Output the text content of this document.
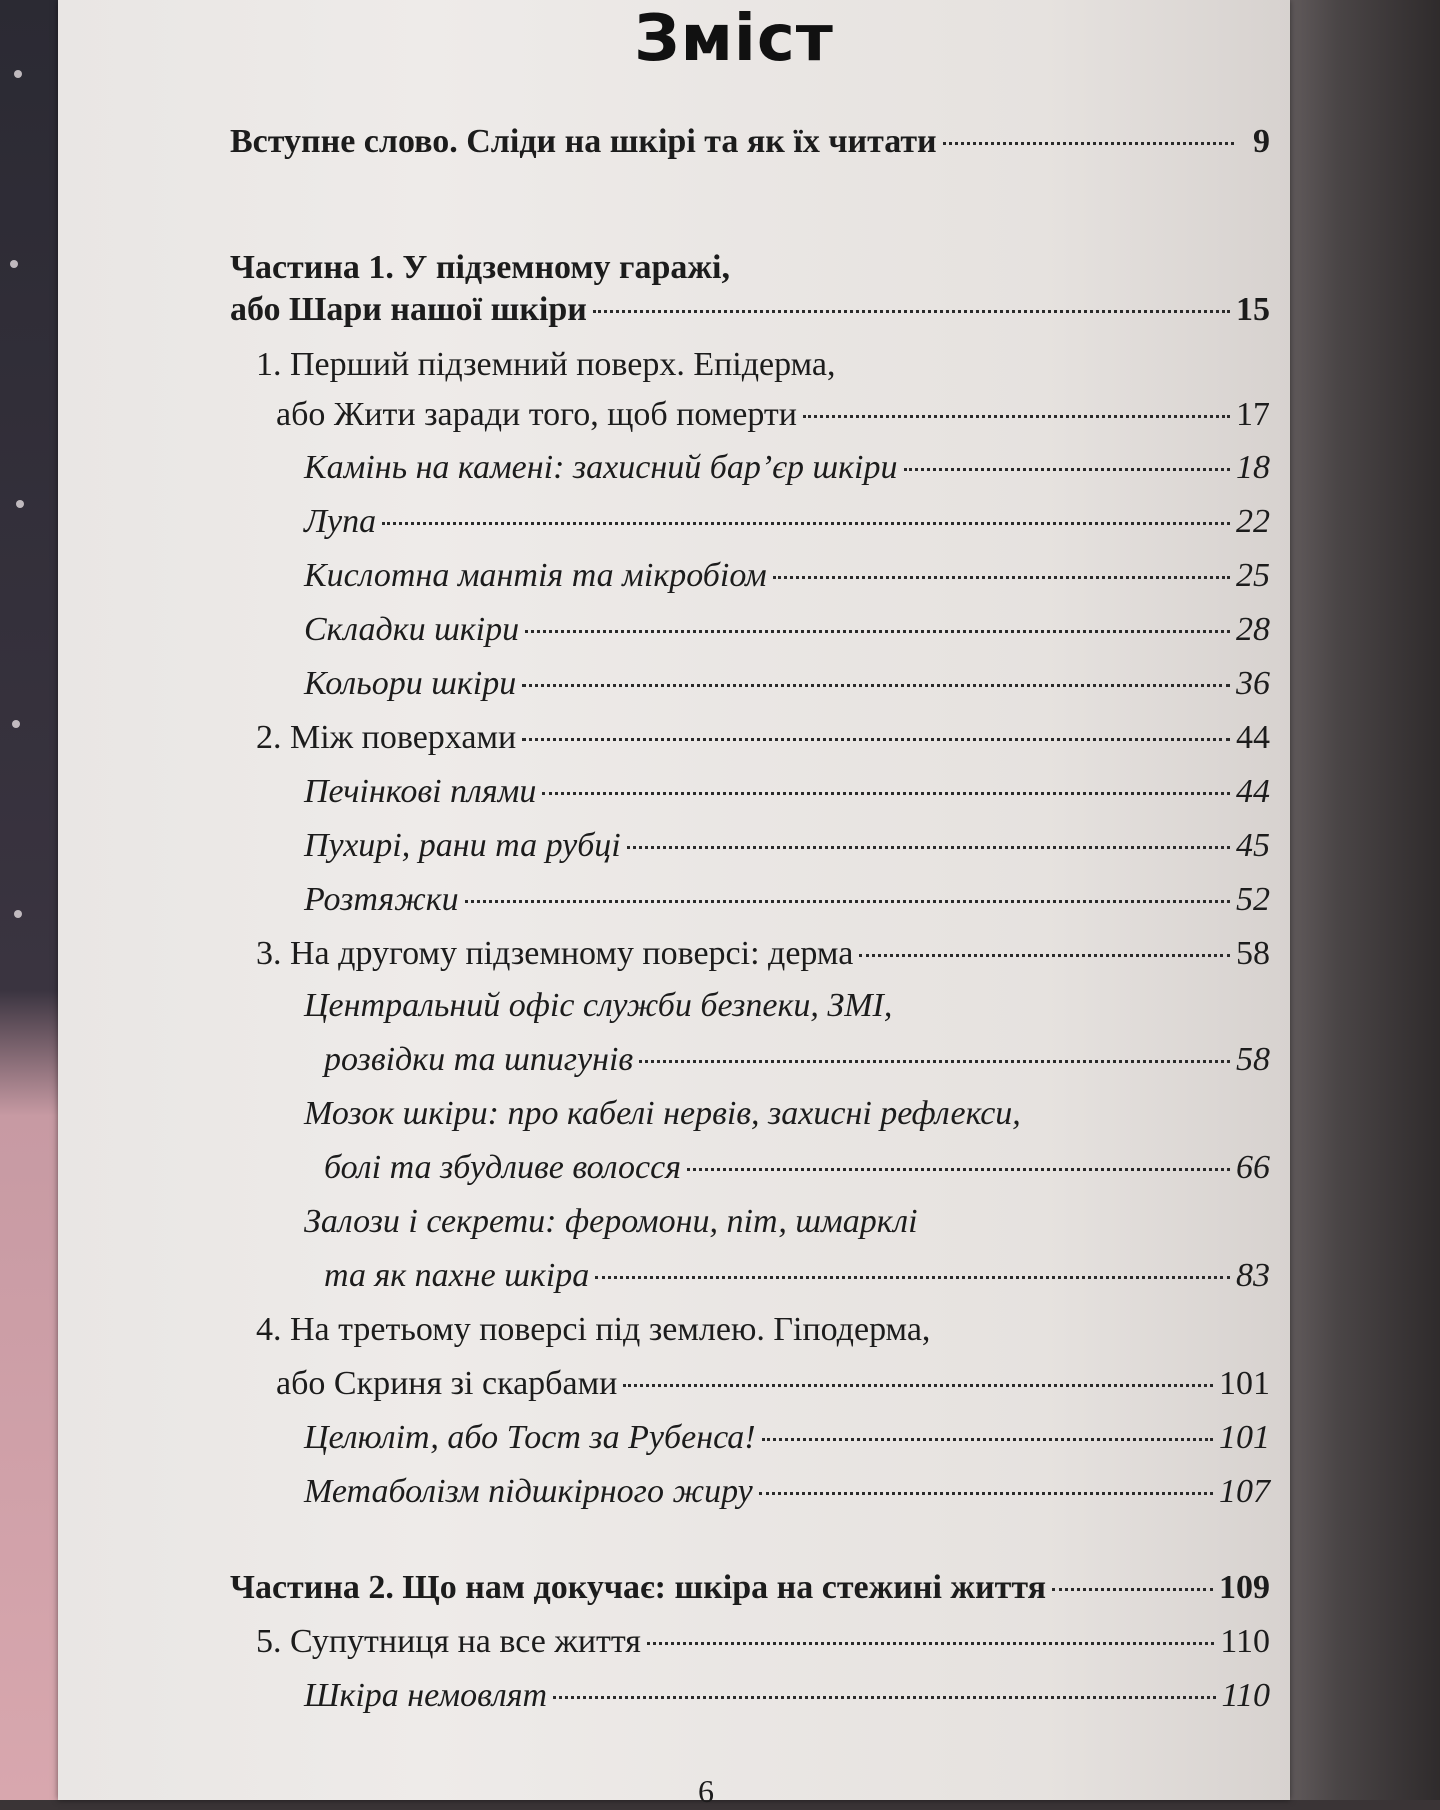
Зміст
Вступне слово. Сліди на шкірі та як їх читати	9
Частина 1. У підземному гаражі,
або Шари нашої шкіри	15
1. Перший підземний поверх. Епідерма,
або Жити заради того, щоб померти	17
Камінь на камені: захисний бар’єр шкіри	18
Лупа	22
Кислотна мантія та мікробіом	25
Складки шкіри	28
Кольори шкіри	36
2. Між поверхами	44
Печінкові плями	44
Пухирі, рани та рубці	45
Розтяжки	52
3. На другому підземному поверсі: дерма	58
Центральний офіс служби безпеки, ЗМІ,
розвідки та шпигунів	58
Мозок шкіри: про кабелі нервів, захисні рефлекси,
болі та збудливе волосся	66
Залози і секрети: феромони, піт, шмарклі
та як пахне шкіра	83
4. На третьому поверсі під землею. Гіподерма,
або Скриня зі скарбами	101
Целюліт, або Тост за Рубенса!	101
Метаболізм підшкірного жиру	107
Частина 2. Що нам докучає: шкіра на стежині життя	109
5. Супутниця на все життя	110
Шкіра немовлят	110
6
